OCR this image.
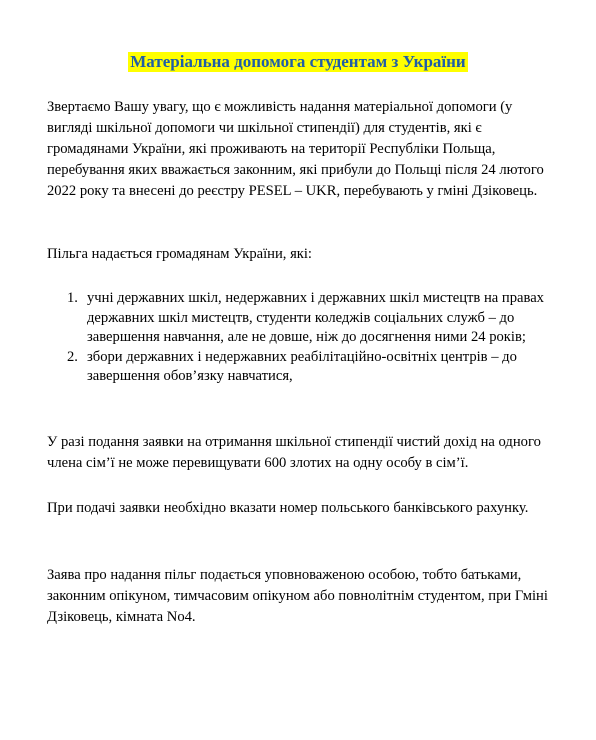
Матеріальна допомога студентам з України

Звертаємо Вашу увагу, що є можливість надання матеріальної допомоги (у вигляді шкільної допомоги чи шкільної стипендії) для студентів, які є громадянами України, які проживають на території Республіки Польща, перебування яких вважається законним, які прибули до Польщі після 24 лютого 2022 року та внесені до реєстру PESEL – UKR, перебувають у гміні Дзіковець.

Пільга надається громадянам України, які:

1. учні державних шкіл, недержавних і державних шкіл мистецтв на правах державних шкіл мистецтв, студенти коледжів соціальних служб – до завершення навчання, але не довше, ніж до досягнення ними 24 років;
2. збори державних і недержавних реабілітаційно-освітніх центрів – до завершення обов’язку навчатися,

У разі подання заявки на отримання шкільної стипендії чистий дохід на одного члена сім’ї не може перевищувати 600 злотих на одну особу в сім’ї.

При подачі заявки необхідно вказати номер польського банківського рахунку.

Заява про надання пільг подається уповноваженою особою, тобто батьками, законним опікуном, тимчасовим опікуном або повнолітнім студентом, при Гміні Дзіковець, кімната No4.
